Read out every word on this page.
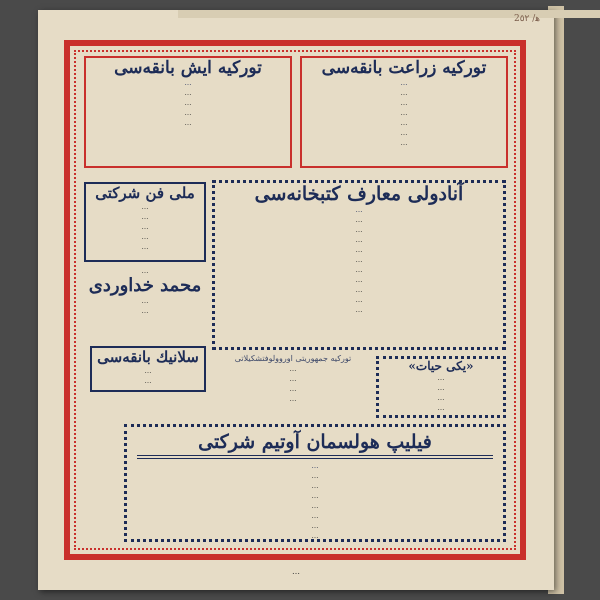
2ﻫ/ ٥٢
توركيه زراعت بانقه‌سى
…
…
…
…
…
…
…
توركيه ايش بانقه‌سى
…
…
…
…
…
آنادولى معارف كتبخانه‌سى
…
…
…
…
…
…
…
…
…
…
…
ملى فن شركتى
…
…
…
…
…
…
محمد خداوردى
…
…
سلانيك بانقه‌سى
…
…
توركيه جمهوريتى اوروولوفتشكيلاتى
…
…
…
…
«يكى حيات»
…
…
…
…
فيليپ هولسمان آوتيم شركتى
…
…
…
…
…
…
…
…
…
